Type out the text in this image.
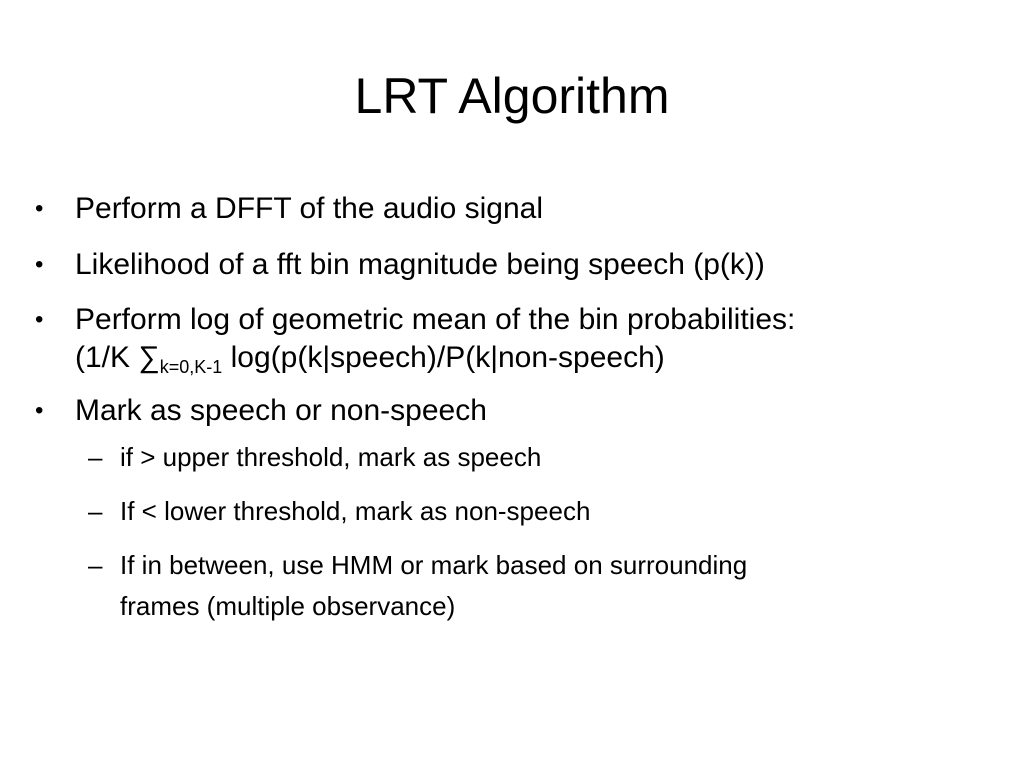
LRT Algorithm
•	Perform a DFFT of the audio signal
•	Likelihood of a fft bin magnitude being speech (p(k))
•	Perform log of geometric mean of the bin probabilities:
(1/K $\sum_{k=0,K-1}$ log(p(k|speech)/P(k|non-speech)
•	Mark as speech or non-speech
– if > upper threshold, mark as speech
– If < lower threshold, mark as non-speech
– If in between, use HMM or mark based on surrounding
frames (multiple observance)
